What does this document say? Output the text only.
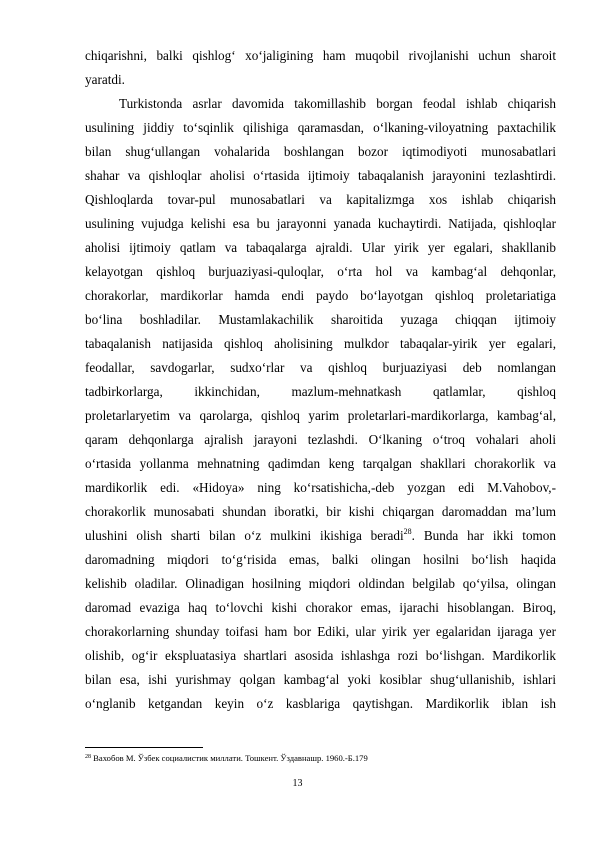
chiqarishni, balki qishlog‘ xo‘jaligining ham muqobil rivojlanishi uchun sharoit
yaratdi.
Turkistonda asrlar davomida takomillashib borgan feodal ishlab chiqarish
usulining jiddiy to‘sqinlik qilishiga qaramasdan, o‘lkaning-viloyatning paxtachilik
bilan shug‘ullangan vohalarida boshlangan bozor iqtimodiyoti munosabatlari
shahar va qishloqlar aholisi o‘rtasida ijtimoiy tabaqalanish jarayonini tezlashtirdi.
Qishloqlarda tovar-pul munosabatlari va kapitalizmga xos ishlab chiqarish
usulining vujudga kelishi esa bu jarayonni yanada kuchaytirdi. Natijada, qishloqlar
aholisi ijtimoiy qatlam va tabaqalarga ajraldi. Ular yirik yer egalari, shakllanib
kelayotgan qishloq burjuaziyasi-quloqlar, o‘rta hol va kambag‘al dehqonlar,
chorakorlar, mardikorlar hamda endi paydo bo‘layotgan qishloq proletariatiga
bo‘lina boshladilar. Mustamlakachilik sharoitida yuzaga chiqqan ijtimoiy
tabaqalanish natijasida qishloq aholisining mulkdor tabaqalar-yirik yer egalari,
feodallar, savdogarlar, sudxo‘rlar va qishloq burjuaziyasi deb nomlangan
tadbirkorlarga, ikkinchidan, mazlum-mehnatkash qatlamlar, qishloq
proletarlaryetim va qarolarga, qishloq yarim proletarlari-mardikorlarga, kambag‘al,
qaram dehqonlarga ajralish jarayoni tezlashdi. O‘lkaning o‘troq vohalari aholi
o‘rtasida yollanma mehnatning qadimdan keng tarqalgan shakllari chorakorlik va
mardikorlik edi. «Hidoya» ning ko‘rsatishicha,-deb yozgan edi M.Vahobov,-
chorakorlik munosabati shundan iboratki, bir kishi chiqargan daromaddan ma’lum
ulushini olish sharti bilan o‘z mulkini ikishiga beradi$^{28}$. Bunda har ikki tomon
daromadning miqdori to‘g‘risida emas, balki olingan hosilni bo‘lish haqida
kelishib oladilar. Olinadigan hosilning miqdori oldindan belgilab qo‘yilsa, olingan
daromad evaziga haq to‘lovchi kishi chorakor emas, ijarachi hisoblangan. Biroq,
chorakorlarning shunday toifasi ham bor Ediki, ular yirik yer egalaridan ijaraga yer
olishib, og‘ir ekspluatasiya shartlari asosida ishlashga rozi bo‘lishgan. Mardikorlik
bilan esa, ishi yurishmay qolgan kambag‘al yoki kosiblar shug‘ullanishib, ishlari
o‘nglanib ketgandan keyin o‘z kasblariga qaytishgan. Mardikorlik iblan ish
$^{28}$ Вахобов М. Ўзбек социалистик миллати. Тошкент. Ўздавнашр. 1960.-Б.179
13
